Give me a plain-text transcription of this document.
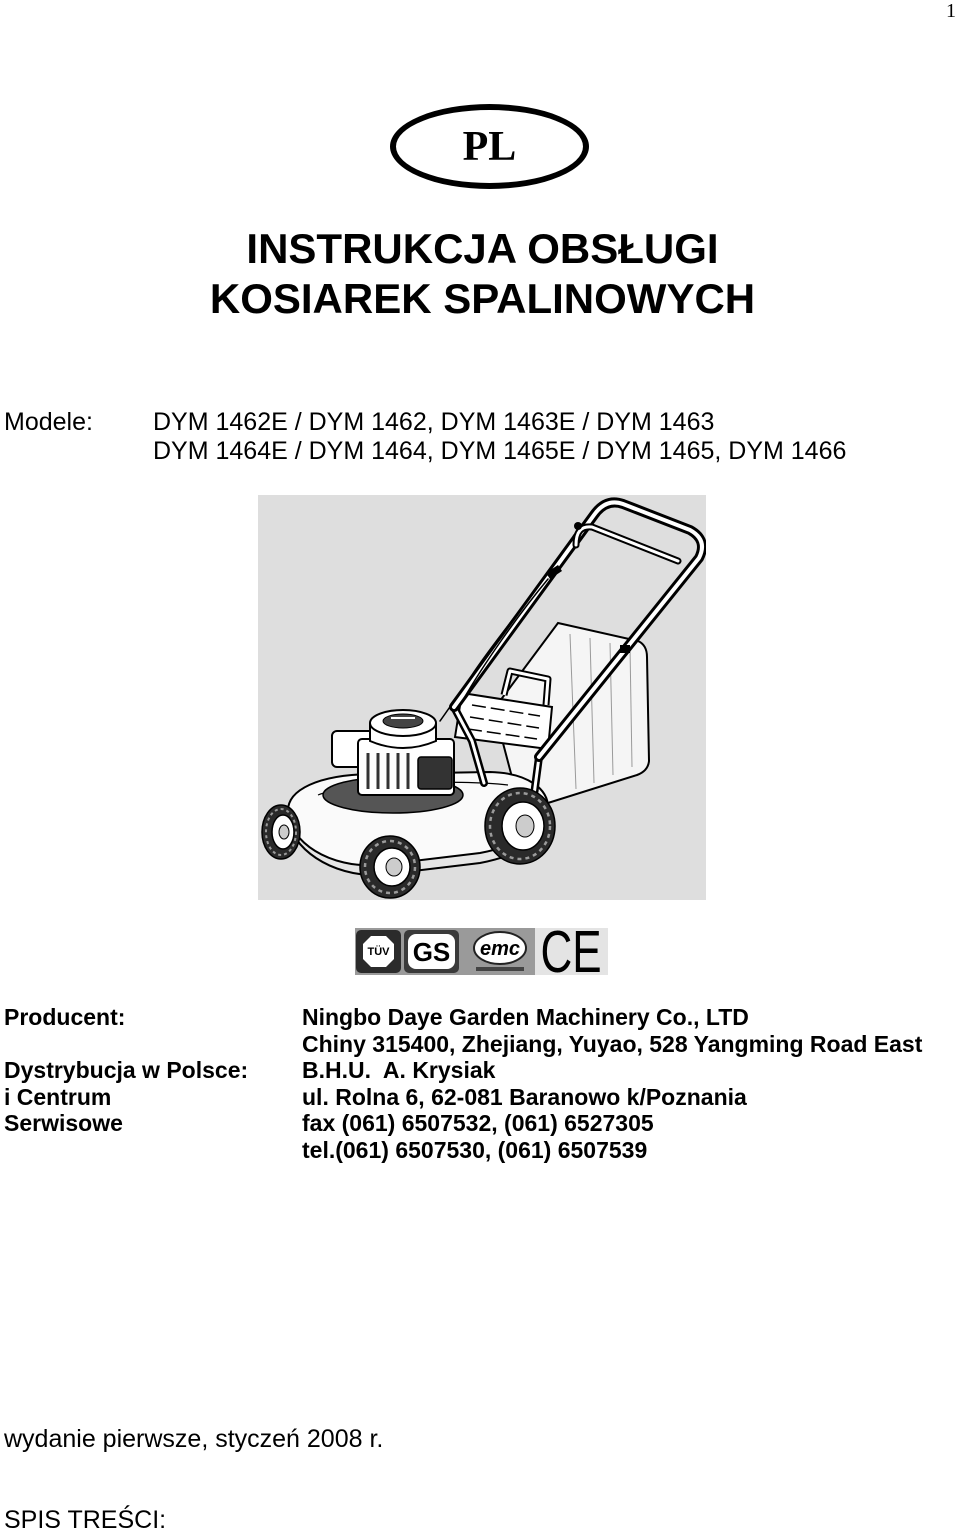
1
PL
INSTRUKCJA OBSŁUGI
KOSIAREK SPALINOWYCH
Modele: DYM 1462E / DYM 1462, DYM 1463E / DYM 1463
DYM 1464E / DYM 1464, DYM 1465E / DYM 1465, DYM 1466
TÜV GS emc CE
Producent:	Ningbo Daye Garden Machinery Co., LTD
Chiny 315400, Zhejiang, Yuyao, 528 Yangming Road East
Dystrybucja w Polsce:
i Centrum
Serwisowe
B.H.U.  A. Krysiak
ul. Rolna 6, 62-081 Baranowo k/Poznania
fax (061) 6507532, (061) 6527305
tel.(061) 6507530, (061) 6507539
wydanie pierwsze, styczeń 2008 r.
SPIS TREŚCI:
